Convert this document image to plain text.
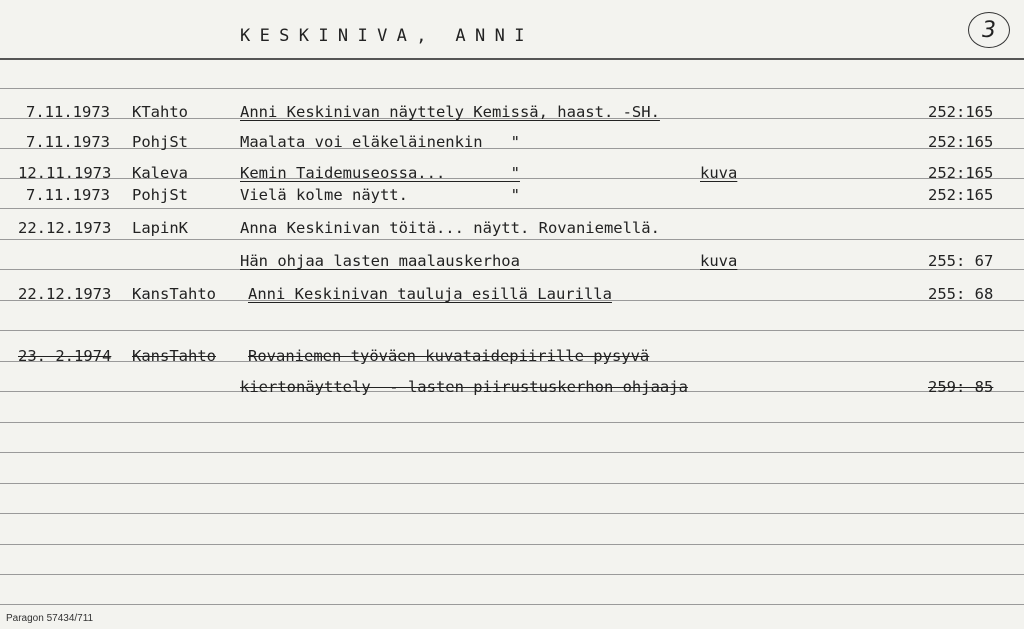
KESKINIVA, ANNI	3
7.11.1973 KTahto	Anni Keskinivan näyttely Kemissä, haast. -SH.	252:165
7.11.1973 PohjSt	Maalata voi eläkeläinenkin   "	252:165
12.11.1973 Kaleva	Kemin Taidemuseossa...       "	kuva	252:165
7.11.1973 PohjSt	Vielä kolme näytt.           "	252:165
22.12.1973 LapinK	Anna Keskinivan töitä... näytt. Rovaniemellä.
Hän ohjaa lasten maalauskerhoa	kuva	255: 67
22.12.1973 KansTahto Anni Keskinivan tauluja esillä Laurilla	255: 68
23. 2.1974 KansTahto Rovaniemen työväen kuvataidepiirille pysyvä
kiertonäyttely  - lasten piirustuskerhon ohjaaja	259: 85
Paragon 57434/711
